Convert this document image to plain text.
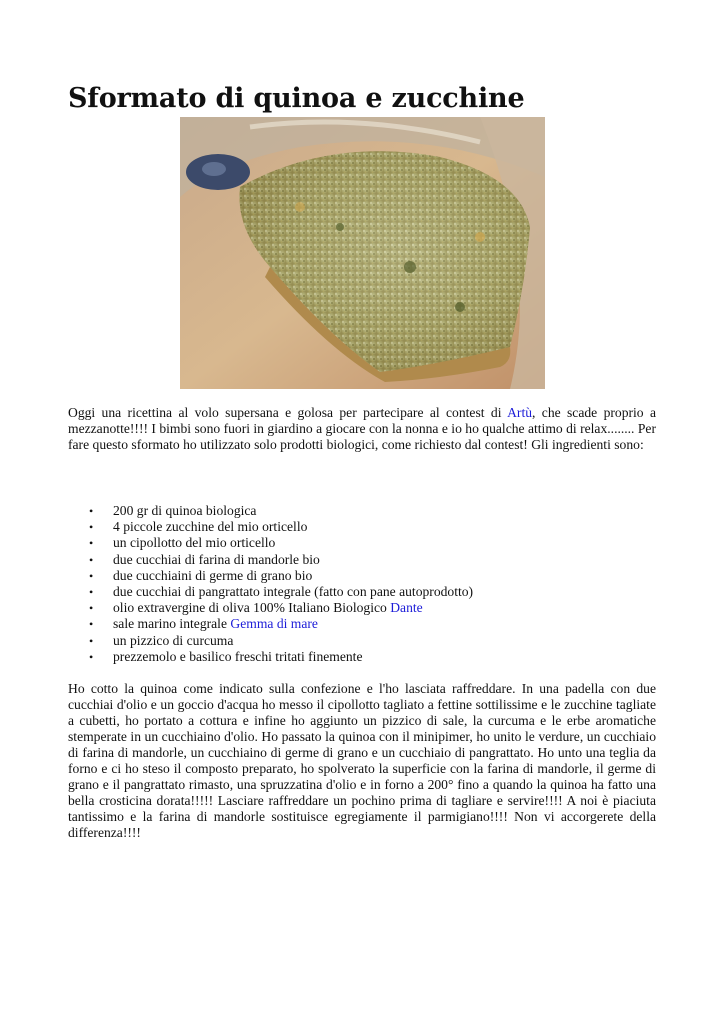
Sformato di quinoa e zucchine

Oggi una ricettina al volo supersana e golosa per partecipare al contest di Artù, che scade proprio a mezzanotte!!!! I bimbi sono fuori in giardino a giocare con la nonna e io ho qualche attimo di relax........ Per fare questo sformato ho utilizzato solo prodotti biologici, come richiesto dal contest! Gli ingredienti sono:

• 200 gr di quinoa biologica
• 4 piccole zucchine del mio orticello
• un cipollotto del mio orticello
• due cucchiai di farina di mandorle bio
• due cucchiaini di germe di grano bio
• due cucchiai di pangrattato integrale (fatto con pane autoprodotto)
• olio extravergine di oliva 100% Italiano Biologico Dante
• sale marino integrale Gemma di mare
• un pizzico di curcuma
• prezzemolo e basilico freschi tritati finemente

Ho cotto la quinoa come indicato sulla confezione e l'ho lasciata raffreddare. In una padella con due cucchiai d'olio e un goccio d'acqua ho messo il cipollotto tagliato a fettine sottilissime e le zucchine tagliate a cubetti, ho portato a cottura e infine ho aggiunto un pizzico di sale, la curcuma e le erbe aromatiche stemperate in un cucchiaino d'olio. Ho passato la quinoa con il minipimer, ho unito le verdure, un cucchiaio di farina di mandorle, un cucchiaino di germe di grano e un cucchiaio di pangrattato. Ho unto una teglia da forno e ci ho steso il composto preparato, ho spolverato la superficie con la farina di mandorle, il germe di grano e il pangrattato rimasto, una spruzzatina d'olio e in forno a 200° fino a quando la quinoa ha fatto una bella crosticina dorata!!!!! Lasciare raffreddare un pochino prima di tagliare e servire!!!! A noi è piaciuta tantissimo e la farina di mandorle sostituisce egregiamente il parmigiano!!!! Non vi accorgerete della differenza!!!!
